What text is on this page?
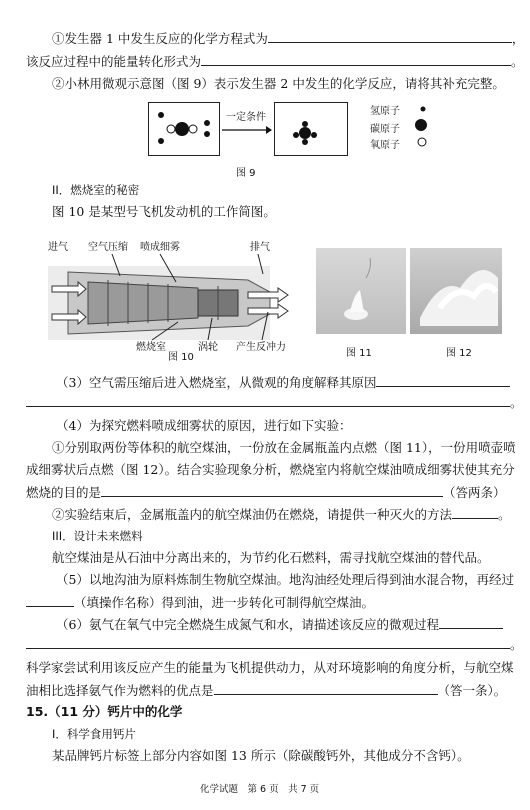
①发生器 1 中发生反应的化学方程式为	，
该反应过程中的能量转化形式为	。
②小林用微观示意图（图 9）表示发生器 2 中发生的化学反应，请将其补充完整。
一定条件
氢原子
碳原子
氧原子
图 9
II．燃烧室的秘密
图 10 是某型号飞机发动机的工作简图。
进气 空气压缩 喷成细雾	排气
燃烧室	涡轮 产生反冲力
图 10	图 11	图 12
（3）空气需压缩后进入燃烧室，从微观的角度解释其原因
。
（4）为探究燃料喷成细雾状的原因，进行如下实验：
①分别取两份等体积的航空煤油，一份放在金属瓶盖内点燃（图 11），一份用喷壶喷
成细雾状后点燃（图 12）。结合实验现象分析，燃烧室内将航空煤油喷成细雾状使其充分
燃烧的目的是	（答两条）
②实验结束后，金属瓶盖内的航空煤油仍在燃烧，请提供一种灭火的方法	。
III．设计未来燃料
航空煤油是从石油中分离出来的，为节约化石燃料，需寻找航空煤油的替代品。
（5）以地沟油为原料炼制生物航空煤油。地沟油经处理后得到油水混合物，再经过
（填操作名称）得到油，进一步转化可制得航空煤油。
（6）氨气在氧气中完全燃烧生成氮气和水，请描述该反应的微观过程
。
科学家尝试利用该反应产生的能量为飞机提供动力，从对环境影响的角度分析，与航空煤
油相比选择氨气作为燃料的优点是	（答一条）。
15.（11 分）钙片中的化学
I．科学食用钙片
某品牌钙片标签上部分内容如图 13 所示（除碳酸钙外，其他成分不含钙）。
化学试题　第 6 页　共 7 页
